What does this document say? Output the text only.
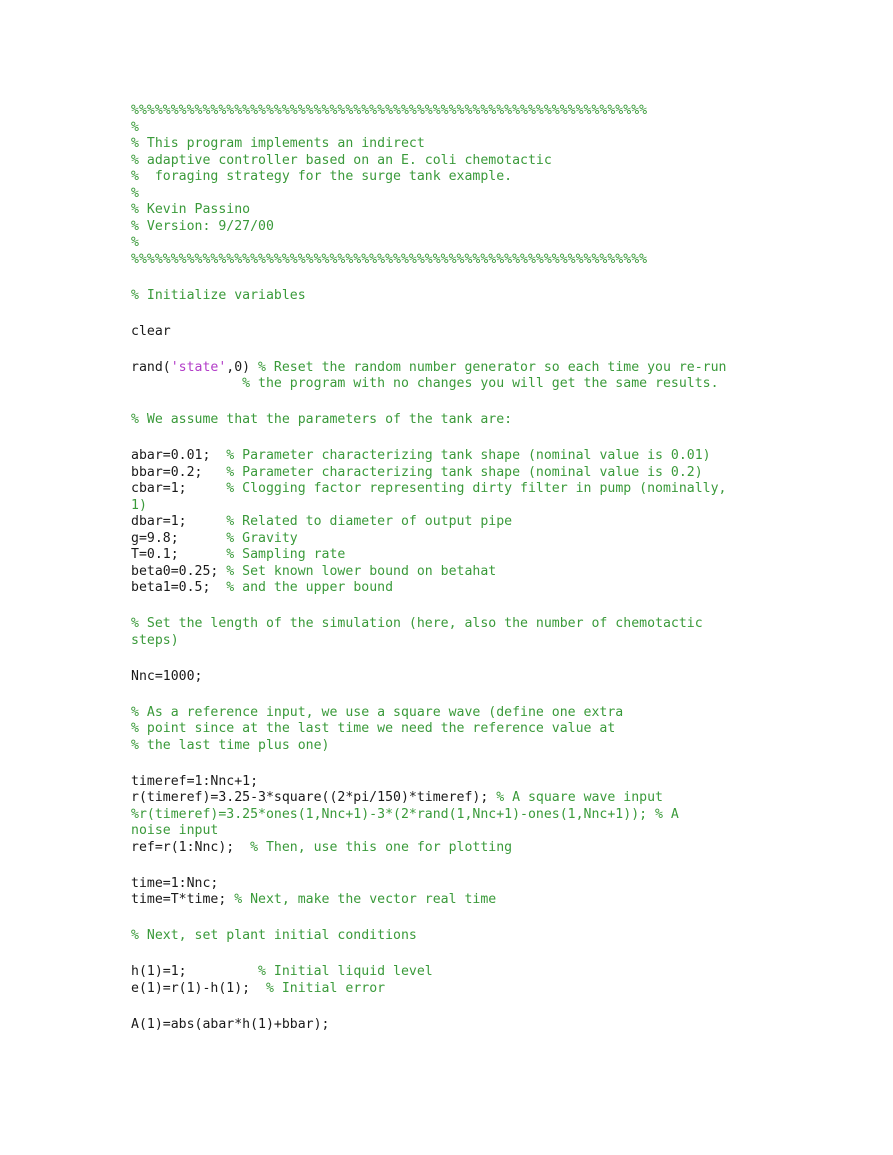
%%%%%%%%%%%%%%%%%%%%%%%%%%%%%%%%%%%%%%%%%%%%%%%%%%%%%%%%%%%%%%%%%
%
% This program implements an indirect
% adaptive controller based on an E. coli chemotactic
%  foraging strategy for the surge tank example.
%
% Kevin Passino
% Version: 9/27/00
%
%%%%%%%%%%%%%%%%%%%%%%%%%%%%%%%%%%%%%%%%%%%%%%%%%%%%%%%%%%%%%%%%%
% Initialize variables
clear
rand('state',0) % Reset the random number generator so each time you re-run
% the program with no changes you will get the same results.
% We assume that the parameters of the tank are:
abar=0.01;  % Parameter characterizing tank shape (nominal value is 0.01)
bbar=0.2;   % Parameter characterizing tank shape (nominal value is 0.2)
cbar=1;     % Clogging factor representing dirty filter in pump (nominally,
1)
dbar=1;     % Related to diameter of output pipe
g=9.8;      % Gravity
T=0.1;      % Sampling rate
beta0=0.25; % Set known lower bound on betahat
beta1=0.5;  % and the upper bound
% Set the length of the simulation (here, also the number of chemotactic
steps)
Nnc=1000;
% As a reference input, we use a square wave (define one extra
% point since at the last time we need the reference value at
% the last time plus one)
timeref=1:Nnc+1;
r(timeref)=3.25-3*square((2*pi/150)*timeref); % A square wave input
%r(timeref)=3.25*ones(1,Nnc+1)-3*(2*rand(1,Nnc+1)-ones(1,Nnc+1)); % A
noise input
ref=r(1:Nnc);  % Then, use this one for plotting
time=1:Nnc;
time=T*time; % Next, make the vector real time
% Next, set plant initial conditions
h(1)=1;         % Initial liquid level
e(1)=r(1)-h(1);  % Initial error
A(1)=abs(abar*h(1)+bbar);
